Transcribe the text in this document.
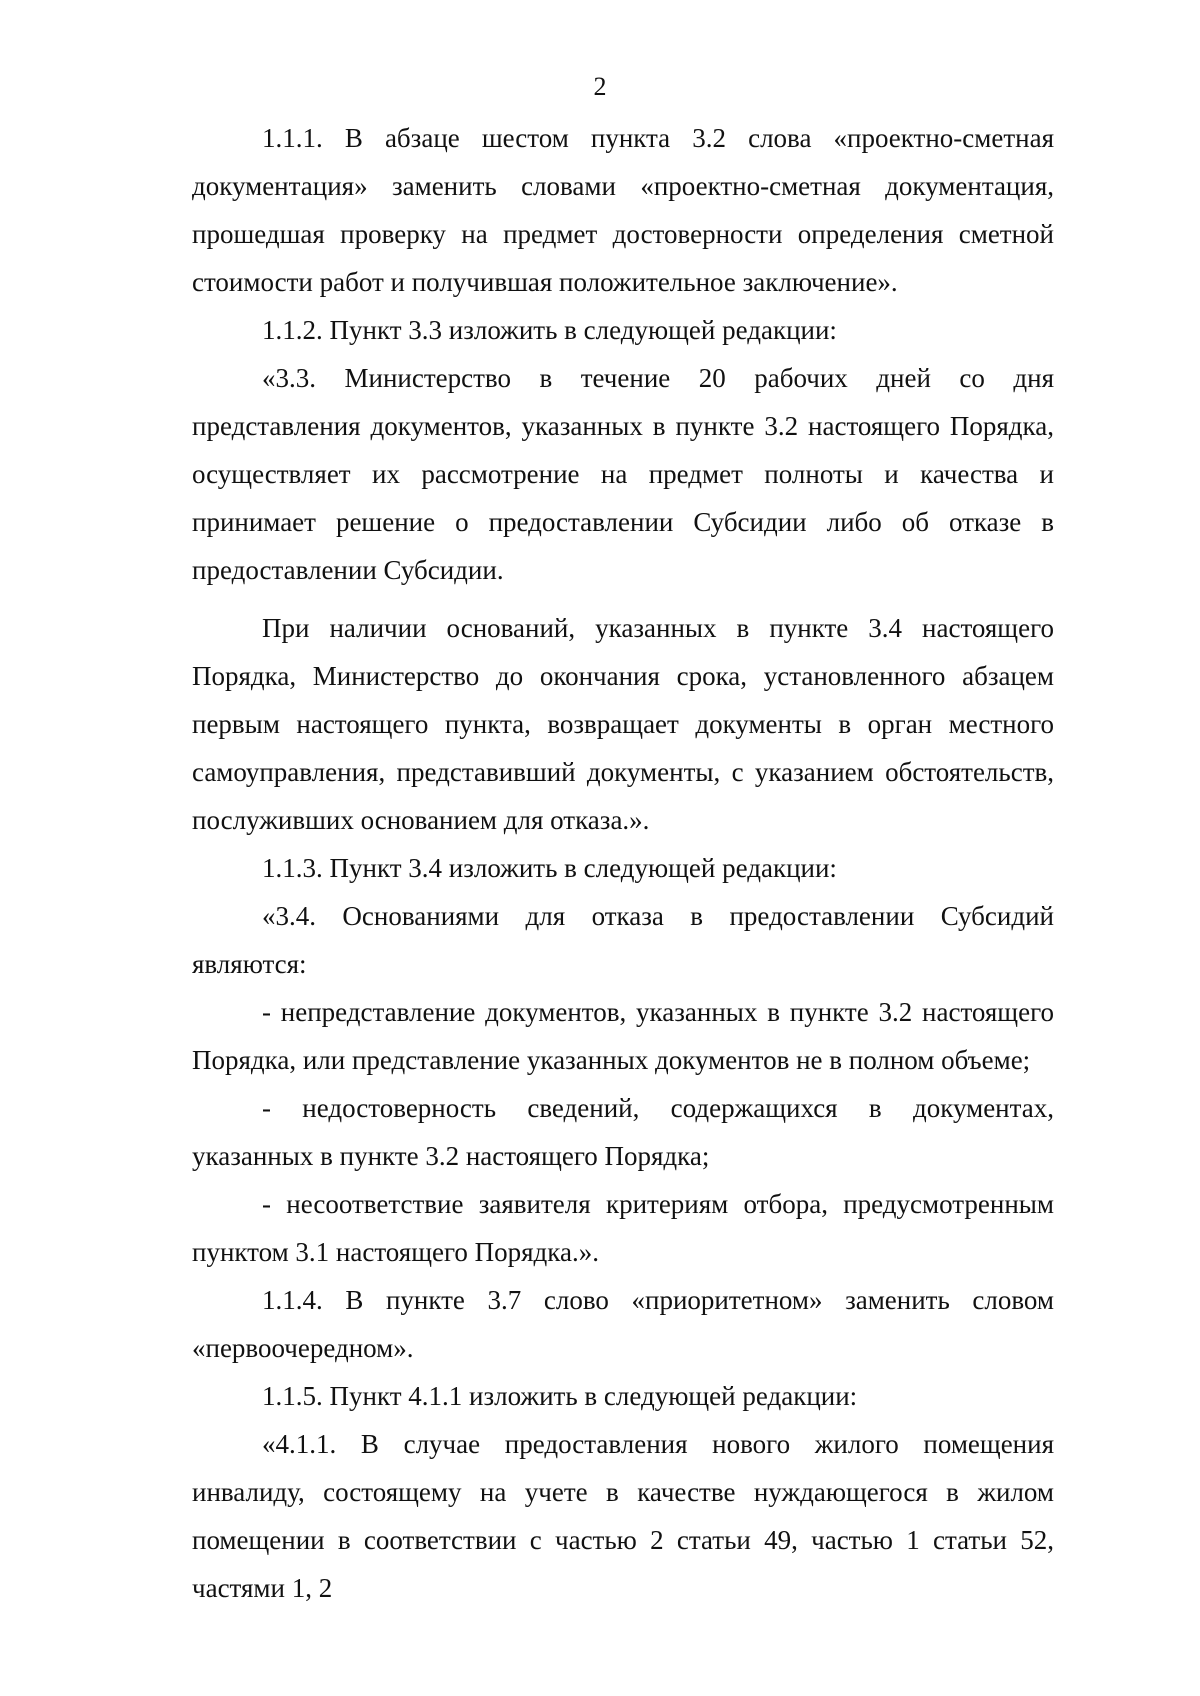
2

1.1.1. В абзаце шестом пункта 3.2 слова «проектно-сметная документация» заменить словами «проектно-сметная документация, прошедшая проверку на предмет достоверности определения сметной стоимости работ и получившая положительное заключение».

1.1.2. Пункт 3.3 изложить в следующей редакции:

«3.3. Министерство в течение 20 рабочих дней со дня представления документов, указанных в пункте 3.2 настоящего Порядка, осуществляет их рассмотрение на предмет полноты и качества и принимает решение о предоставлении Субсидии либо об отказе в предоставлении Субсидии.

При наличии оснований, указанных в пункте 3.4 настоящего Порядка, Министерство до окончания срока, установленного абзацем первым настоящего пункта, возвращает документы в орган местного самоуправления, представивший документы, с указанием обстоятельств, послуживших основанием для отказа.».

1.1.3. Пункт 3.4 изложить в следующей редакции:

«3.4. Основаниями для отказа в предоставлении Субсидий являются:

- непредставление документов, указанных в пункте 3.2 настоящего Порядка, или представление указанных документов не в полном объеме;

- недостоверность сведений, содержащихся в документах, указанных в пункте 3.2 настоящего Порядка;

- несоответствие заявителя критериям отбора, предусмотренным пунктом 3.1 настоящего Порядка.».

1.1.4. В пункте 3.7 слово «приоритетном» заменить словом «первоочередном».

1.1.5. Пункт 4.1.1 изложить в следующей редакции:

«4.1.1. В случае предоставления нового жилого помещения инвалиду, состоящему на учете в качестве нуждающегося в жилом помещении в соответствии с частью 2 статьи 49, частью 1 статьи 52, частями 1, 2
